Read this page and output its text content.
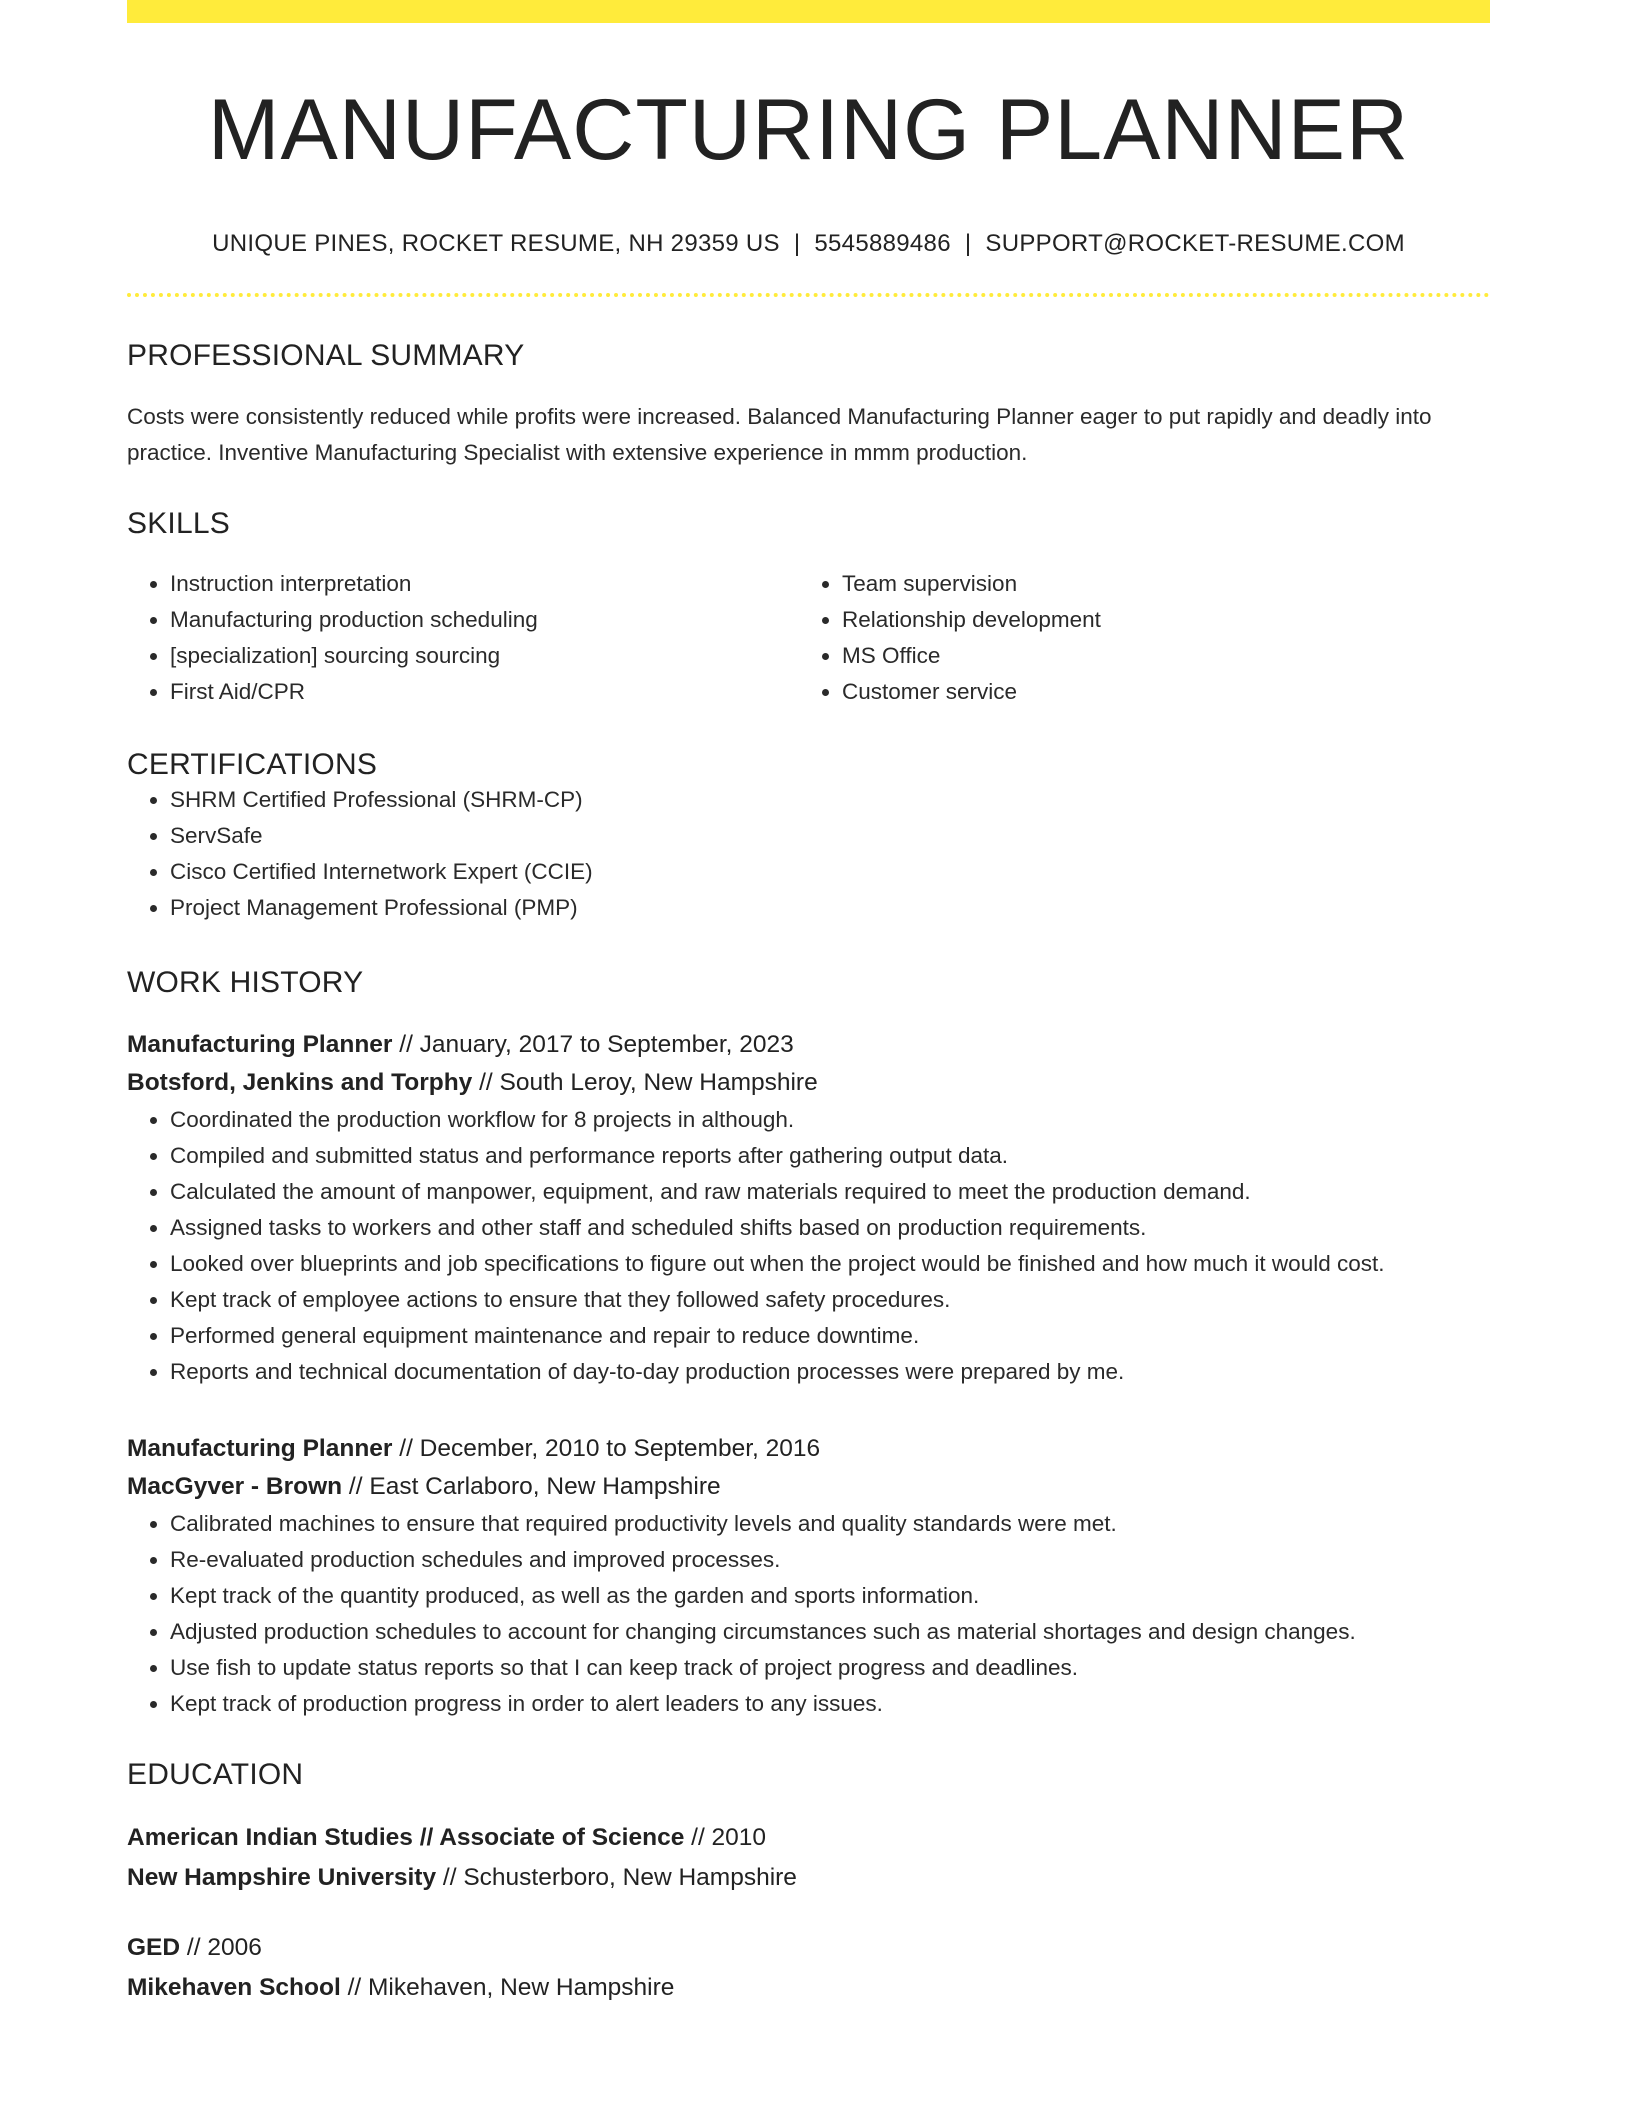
MANUFACTURING PLANNER
UNIQUE PINES, ROCKET RESUME, NH 29359 US | 5545889486 | SUPPORT@ROCKET-RESUME.COM
PROFESSIONAL SUMMARY
Costs were consistently reduced while profits were increased. Balanced Manufacturing Planner eager to put rapidly and deadly into practice. Inventive Manufacturing Specialist with extensive experience in mmm production.
SKILLS
• Instruction interpretation
• Manufacturing production scheduling
• [specialization] sourcing sourcing
• First Aid/CPR
• Team supervision
• Relationship development
• MS Office
• Customer service
CERTIFICATIONS
• SHRM Certified Professional (SHRM-CP)
• ServSafe
• Cisco Certified Internetwork Expert (CCIE)
• Project Management Professional (PMP)
WORK HISTORY
Manufacturing Planner // January, 2017 to September, 2023
Botsford, Jenkins and Torphy // South Leroy, New Hampshire
• Coordinated the production workflow for 8 projects in although.
• Compiled and submitted status and performance reports after gathering output data.
• Calculated the amount of manpower, equipment, and raw materials required to meet the production demand.
• Assigned tasks to workers and other staff and scheduled shifts based on production requirements.
• Looked over blueprints and job specifications to figure out when the project would be finished and how much it would cost.
• Kept track of employee actions to ensure that they followed safety procedures.
• Performed general equipment maintenance and repair to reduce downtime.
• Reports and technical documentation of day-to-day production processes were prepared by me.
Manufacturing Planner // December, 2010 to September, 2016
MacGyver - Brown // East Carlaboro, New Hampshire
• Calibrated machines to ensure that required productivity levels and quality standards were met.
• Re-evaluated production schedules and improved processes.
• Kept track of the quantity produced, as well as the garden and sports information.
• Adjusted production schedules to account for changing circumstances such as material shortages and design changes.
• Use fish to update status reports so that I can keep track of project progress and deadlines.
• Kept track of production progress in order to alert leaders to any issues.
EDUCATION
American Indian Studies // Associate of Science // 2010
New Hampshire University // Schusterboro, New Hampshire
GED // 2006
Mikehaven School // Mikehaven, New Hampshire
